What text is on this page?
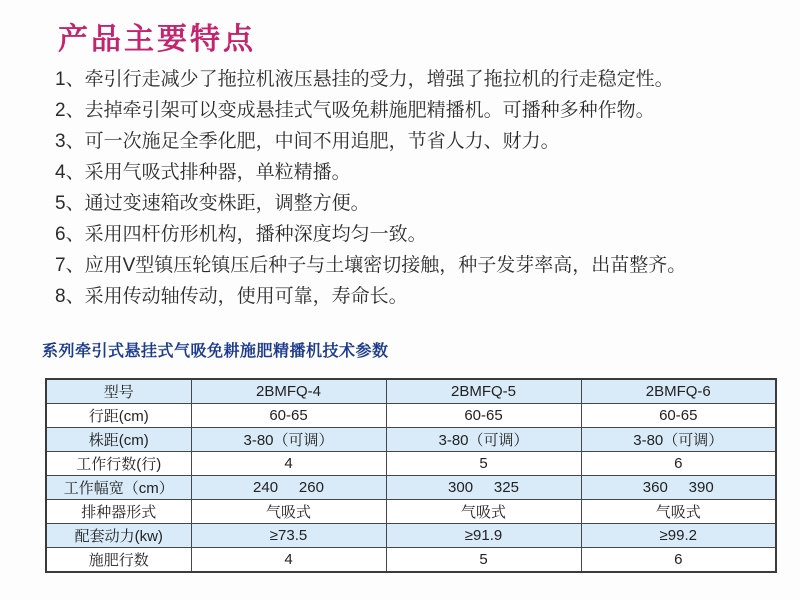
产品主要特点
1、牵引行走减少了拖拉机液压悬挂的受力，增强了拖拉机的行走稳定性。
2、去掉牵引架可以变成悬挂式气吸免耕施肥精播机。可播种多种作物。
3、可一次施足全季化肥，中间不用追肥，节省人力、财力。
4、采用气吸式排种器，单粒精播。
5、通过变速箱改变株距，调整方便。
6、采用四杆仿形机构，播种深度均匀一致。
7、应用V型镇压轮镇压后种子与土壤密切接触，种子发芽率高，出苗整齐。
8、采用传动轴传动，使用可靠，寿命长。
系列牵引式悬挂式气吸免耕施肥精播机技术参数
型号	2BMFQ-4	2BMFQ-5	2BMFQ-6
行距(cm)	60-65	60-65	60-65
株距(cm)	3-80（可调）	3-80（可调）	3-80（可调）
工作行数(行)	4	5	6
工作幅宽（cm）	240     260	300     325	360     390
排种器形式	气吸式	气吸式	气吸式
配套动力(kw)	≥73.5	≥91.9	≥99.2
施肥行数	4	5	6
